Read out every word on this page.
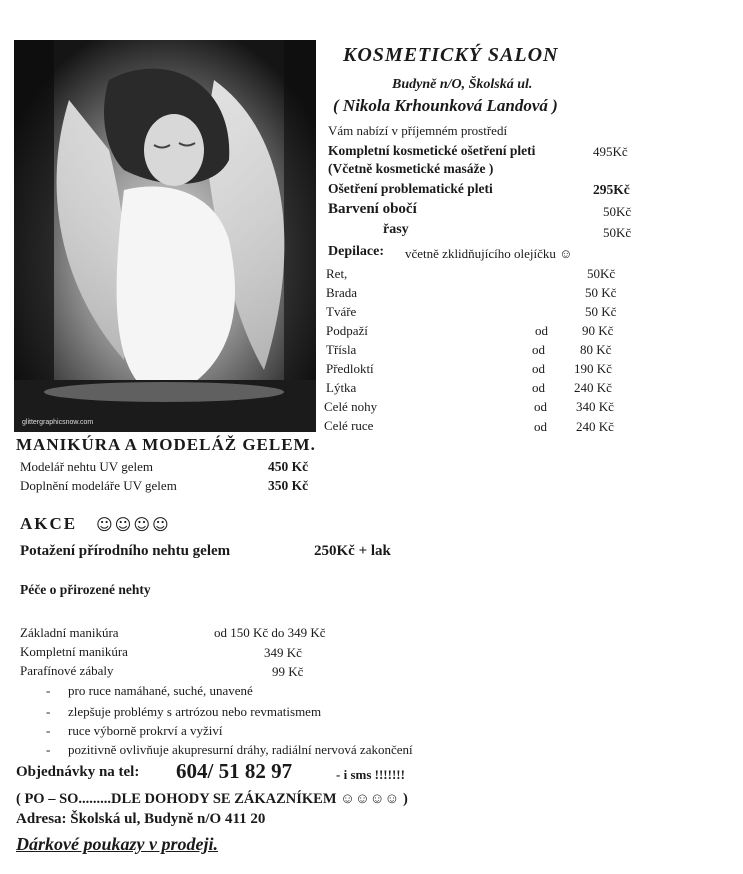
glittergraphicsnow.com
KOSMETICKÝ SALON
Budyně n/O, Školská ul.
( Nikola Krhounková Landová )
Vám nabízí v příjemném prostředí
Kompletní kosmetické ošetření pleti	495Kč
(Včetně kosmetické masáže )
Ošetření problematické pleti	295Kč
Barvení obočí	50Kč
řasy	50Kč
Depilace: včetně zklidňujícího olejíčku ☺
Ret,	50Kč
Brada	50 Kč
Tváře	50 Kč
Podpaží	od	90 Kč
Třísla	od	80 Kč
Předloktí	od 190 Kč
Lýtka	od 240 Kč
Celé nohy	od 340 Kč
Celé ruce	od 240 Kč
MANIKÚRA A MODELÁŽ GELEM.
Modelář nehtu UV gelem	450 Kč
Doplnění modeláře UV gelem	350 Kč
AKCE ☺☺☺☺
Potažení přírodního nehtu gelem	250Kč + lak
Péče o přirozené nehty
Základní manikúra	od 150 Kč do 349 Kč
Kompletní manikúra	349 Kč
Parafínové zábaly	99 Kč
- pro ruce namáhané, suché, unavené
- zlepšuje problémy s artrózou nebo revmatismem
- ruce výborně prokrví a vyživí
- pozitivně ovlivňuje akupresurní dráhy, radiální nervová zakončení
Objednávky na tel: 604/ 51 82 97	- i sms !!!!!!!
( PO – SO.........DLE DOHODY SE ZÁKAZNÍKEM ☺☺☺☺ )
Adresa: Školská ul, Budyně n/O 411 20
Dárkové poukazy v prodeji.
